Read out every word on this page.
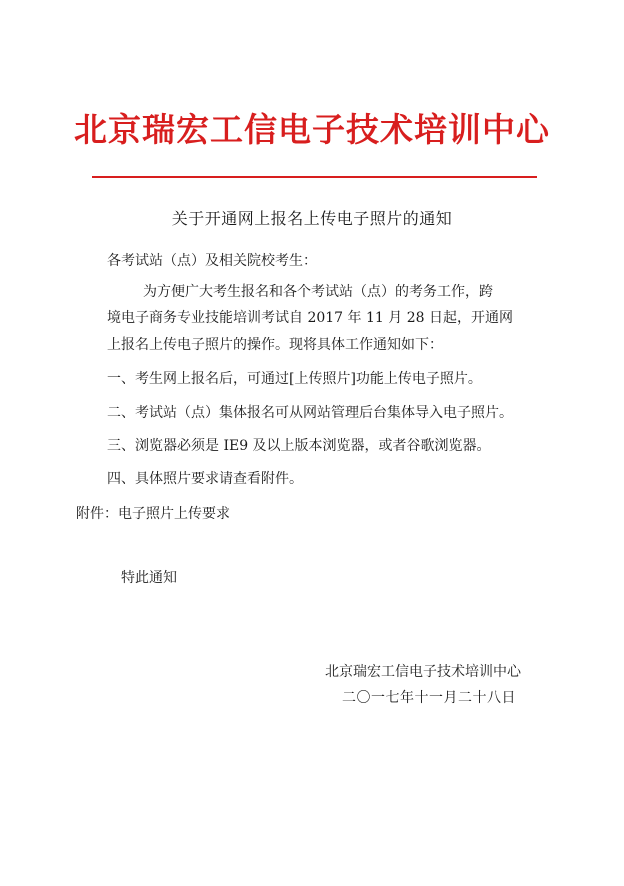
北京瑞宏工信电子技术培训中心
关于开通网上报名上传电子照片的通知
各考试站（点）及相关院校考生：
为方便广大考生报名和各个考试站（点）的考务工作，跨
境电子商务专业技能培训考试自 2017 年 11 月 28 日起，开通网
上报名上传电子照片的操作。现将具体工作通知如下：
一、考生网上报名后，可通过[上传照片]功能上传电子照片。
二、考试站（点）集体报名可从网站管理后台集体导入电子照片。
三、浏览器必须是 IE9 及以上版本浏览器，或者谷歌浏览器。
四、具体照片要求请查看附件。
附件：电子照片上传要求
特此通知
北京瑞宏工信电子技术培训中心
二〇一七年十一月二十八日
